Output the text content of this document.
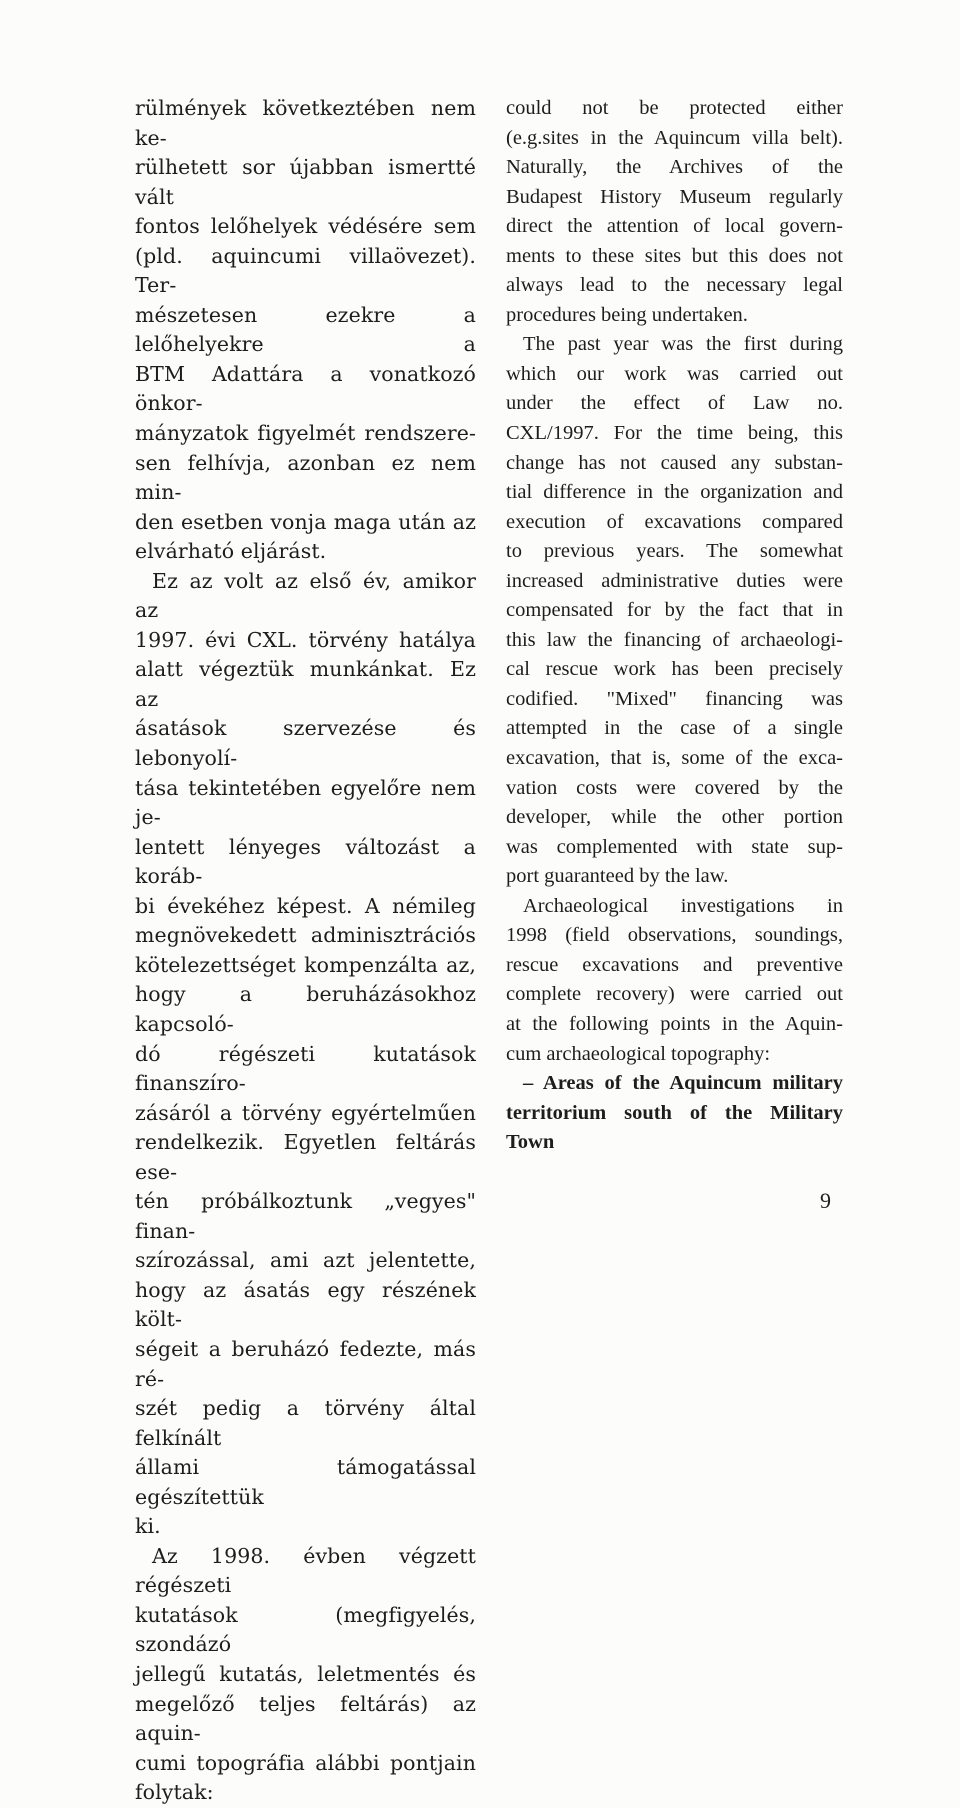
rülmények következtében nem ke-
rülhetett sor újabban ismertté vált
fontos lelőhelyek védésére sem
(pld. aquincumi villaövezet). Ter-
mészetesen ezekre a lelőhelyekre a
BTM Adattára a vonatkozó önkor-
mányzatok figyelmét rendszere-
sen felhívja, azonban ez nem min-
den esetben vonja maga után az
elvárható eljárást.

Ez az volt az első év, amikor az
1997. évi CXL. törvény hatálya
alatt végeztük munkánkat. Ez az
ásatások szervezése és lebonyolí-
tása tekintetében egyelőre nem je-
lentett lényeges változást a koráb-
bi évekéhez képest. A némileg
megnövekedett adminisztrációs
kötelezettséget kompenzálta az,
hogy a beruházásokhoz kapcsoló-
dó régészeti kutatások finanszíro-
zásáról a törvény egyértelműen
rendelkezik. Egyetlen feltárás ese-
tén próbálkoztunk „vegyes" finan-
szírozással, ami azt jelentette,
hogy az ásatás egy részének költ-
ségeit a beruházó fedezte, más ré-
szét pedig a törvény által felkínált
állami támogatással egészítettük
ki.

Az 1998. évben végzett régészeti
kutatások (megfigyelés, szondázó
jellegű kutatás, leletmentés és
megelőző teljes feltárás) az aquin-
cumi topográfia alábbi pontjain
folytak:

could not be protected either
(e.g.sites in the Aquincum villa belt).
Naturally, the Archives of the
Budapest History Museum regularly
direct the attention of local govern-
ments to these sites but this does not
always lead to the necessary legal
procedures being undertaken.

The past year was the first during
which our work was carried out
under the effect of Law no.
CXL/1997. For the time being, this
change has not caused any substan-
tial difference in the organization and
execution of excavations compared
to previous years. The somewhat
increased administrative duties were
compensated for by the fact that in
this law the financing of archaeologi-
cal rescue work has been precisely
codified. "Mixed" financing was
attempted in the case of a single
excavation, that is, some of the exca-
vation costs were covered by the
developer, while the other portion
was complemented with state sup-
port guaranteed by the law.

Archaeological investigations in
1998 (field observations, soundings,
rescue excavations and preventive
complete recovery) were carried out
at the following points in the Aquin-
cum archaeological topography:

– Areas of the Aquincum military
territorium south of the Military
Town

9
